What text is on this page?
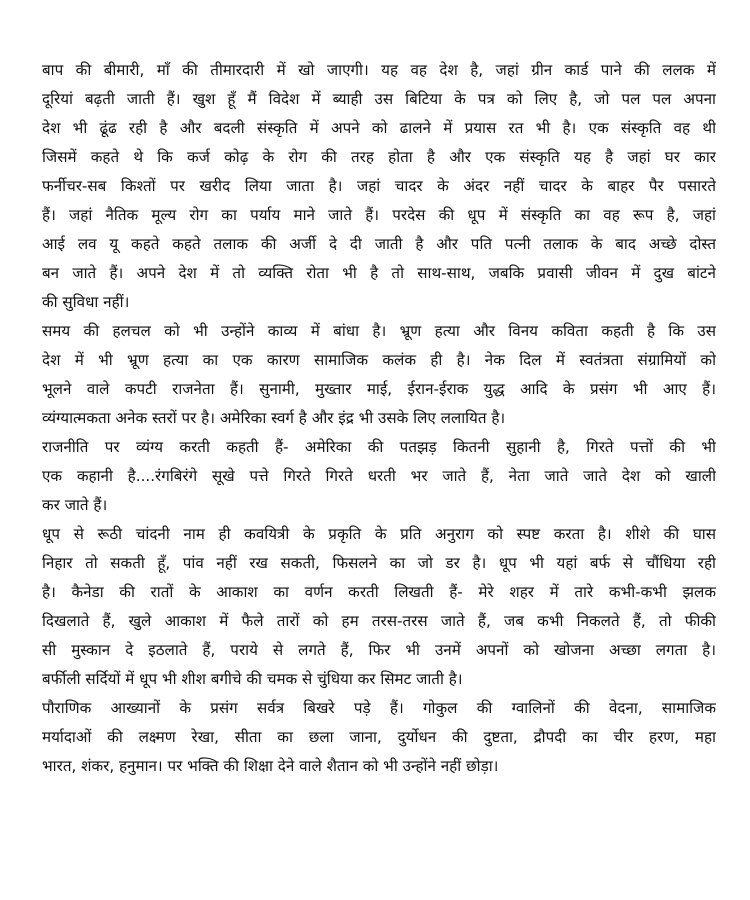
बाप की बीमारी, माँ की तीमारदारी में खो जाएगी। यह वह देश है, जहां ग्रीन कार्ड पाने की ललक में
दूरियां बढ़ती जाती हैं। खुश हूँ मैं विदेश में ब्याही उस बिटिया के पत्र को लिए है, जो पल पल अपना
देश भी ढूंढ रही है और बदली संस्कृति में अपने को ढालने में प्रयास रत भी है। एक संस्कृति वह थी
जिसमें कहते थे कि कर्ज कोढ़ के रोग की तरह होता है और एक संस्कृति यह है जहां घर कार
फर्नीचर-सब किश्तों पर खरीद लिया जाता है। जहां चादर के अंदर नहीं चादर के बाहर पैर पसारते
हैं। जहां नैतिक मूल्य रोग का पर्याय माने जाते हैं। परदेस की धूप में संस्कृति का वह रूप है, जहां
आई लव यू कहते कहते तलाक की अर्जी दे दी जाती है और पति पत्नी तलाक के बाद अच्छे दोस्त
बन जाते हैं। अपने देश में तो व्यक्ति रोता भी है तो साथ-साथ, जबकि प्रवासी जीवन में दुख बांटने
की सुविधा नहीं।
समय की हलचल को भी उन्होंने काव्य में बांधा है। भ्रूण हत्या और विनय कविता कहती है कि उस
देश में भी भ्रूण हत्या का एक कारण सामाजिक कलंक ही है। नेक दिल में स्वतंत्रता संग्रामियों को
भूलने वाले कपटी राजनेता हैं। सुनामी, मुख्तार माई, ईरान-ईराक युद्ध आदि के प्रसंग भी आए हैं।
व्यंग्यात्मकता अनेक स्तरों पर है। अमेरिका स्वर्ग है और इंद्र भी उसके लिए ललायित है।
राजनीति पर व्यंग्य करती कहती हैं- अमेरिका की पतझड़ कितनी सुहानी है, गिरते पत्तों की भी
एक कहानी है....रंगबिरंगे सूखे पत्ते गिरते गिरते धरती भर जाते हैं, नेता जाते जाते देश को खाली
कर जाते हैं।
धूप से रूठी चांदनी नाम ही कवयित्री के प्रकृति के प्रति अनुराग को स्पष्ट करता है। शीशे की घास
निहार तो सकती हूँ, पांव नहीं रख सकती, फिसलने का जो डर है। धूप भी यहां बर्फ से चौंधिया रही
है। कैनेडा की रातों के आकाश का वर्णन करती लिखती हैं- मेरे शहर में तारे कभी-कभी झलक
दिखलाते हैं, खुले आकाश में फैले तारों को हम तरस-तरस जाते हैं, जब कभी निकलते हैं, तो फीकी
सी मुस्कान दे इठलाते हैं, पराये से लगते हैं, फिर भी उनमें अपनों को खोजना अच्छा लगता है।
बर्फीली सर्दियों में धूप भी शीश बगीचे की चमक से चुंधिया कर सिमट जाती है।
पौराणिक आख्यानों के प्रसंग सर्वत्र बिखरे पड़े हैं। गोकुल की ग्वालिनों की वेदना, सामाजिक
मर्यादाओं की लक्ष्मण रेखा, सीता का छला जाना, दुर्योधन की दुष्टता, द्रौपदी का चीर हरण, महा
भारत, शंकर, हनुमान। पर भक्ति की शिक्षा देने वाले शैतान को भी उन्होंने नहीं छोड़ा।
